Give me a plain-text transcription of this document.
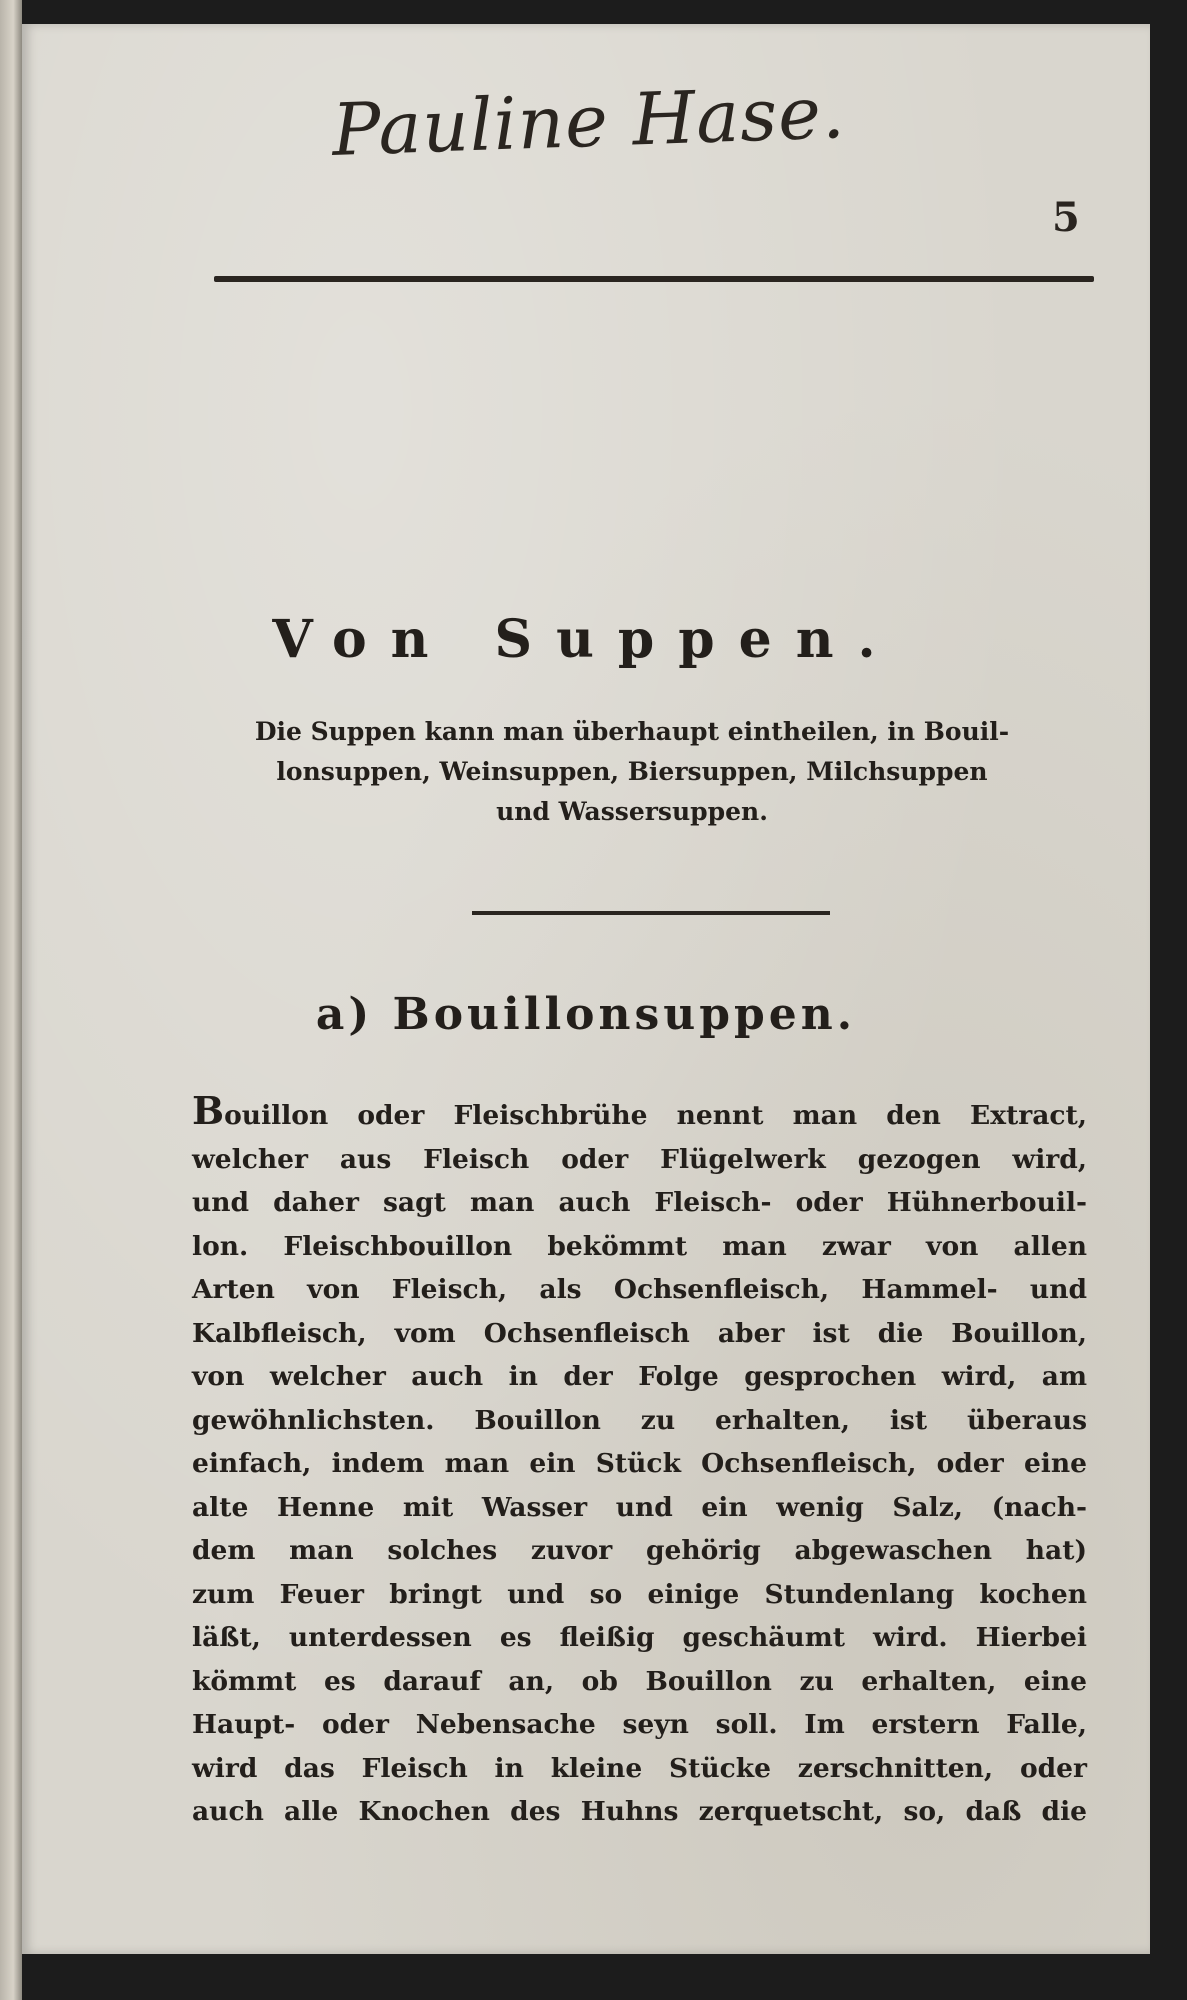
Pauline Hase.
5
Von Suppen.
Die Suppen kann man überhaupt eintheilen, in Bouil-
lonsuppen, Weinsuppen, Biersuppen, Milchsuppen
und Wassersuppen.
a) Bouillonsuppen.
Bouillon oder Fleischbrühe nennt man den Extract,
welcher aus Fleisch oder Flügelwerk gezogen wird,
und daher sagt man auch Fleisch- oder Hühnerbouil-
lon. Fleischbouillon bekömmt man zwar von allen
Arten von Fleisch, als Ochsenfleisch, Hammel- und
Kalbfleisch, vom Ochsenfleisch aber ist die Bouillon,
von welcher auch in der Folge gesprochen wird, am
gewöhnlichsten. Bouillon zu erhalten, ist überaus
einfach, indem man ein Stück Ochsenfleisch, oder eine
alte Henne mit Wasser und ein wenig Salz, (nach-
dem man solches zuvor gehörig abgewaschen hat)
zum Feuer bringt und so einige Stundenlang kochen
läßt, unterdessen es fleißig geschäumt wird. Hierbei
kömmt es darauf an, ob Bouillon zu erhalten, eine
Haupt- oder Nebensache seyn soll. Im erstern Falle,
wird das Fleisch in kleine Stücke zerschnitten, oder
auch alle Knochen des Huhns zerquetscht, so, daß die
